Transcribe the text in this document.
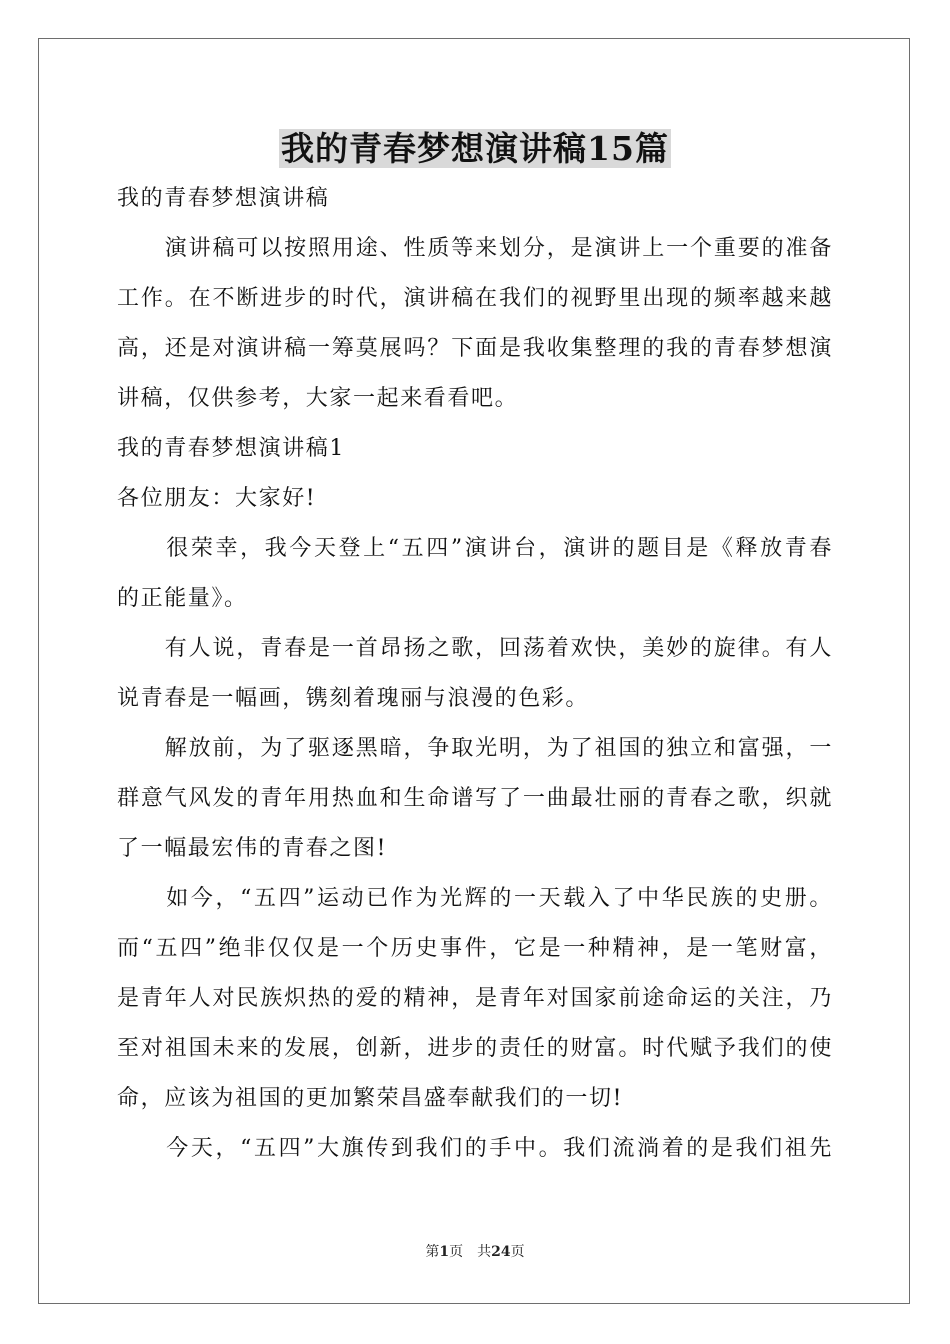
我的青春梦想演讲稿15篇
我的青春梦想演讲稿
　　演讲稿可以按照用途、性质等来划分，是演讲上一个重要的准备
工作。在不断进步的时代，演讲稿在我们的视野里出现的频率越来越
高，还是对演讲稿一筹莫展吗？下面是我收集整理的我的青春梦想演
讲稿，仅供参考，大家一起来看看吧。
我的青春梦想演讲稿1
各位朋友：大家好!
　　很荣幸，我今天登上“五四”演讲台，演讲的题目是《释放青春
的正能量》。
　　有人说，青春是一首昂扬之歌，回荡着欢快，美妙的旋律。有人
说青春是一幅画，镌刻着瑰丽与浪漫的色彩。
　　解放前，为了驱逐黑暗，争取光明，为了祖国的独立和富强，一
群意气风发的青年用热血和生命谱写了一曲最壮丽的青春之歌，织就
了一幅最宏伟的青春之图!
　　如今，“五四”运动已作为光辉的一天载入了中华民族的史册。
而“五四”绝非仅仅是一个历史事件，它是一种精神，是一笔财富，
是青年人对民族炽热的爱的精神，是青年对国家前途命运的关注，乃
至对祖国未来的发展，创新，进步的责任的财富。时代赋予我们的使
命，应该为祖国的更加繁荣昌盛奉献我们的一切!
　　今天，“五四”大旗传到我们的手中。我们流淌着的是我们祖先
第1页　共24页
